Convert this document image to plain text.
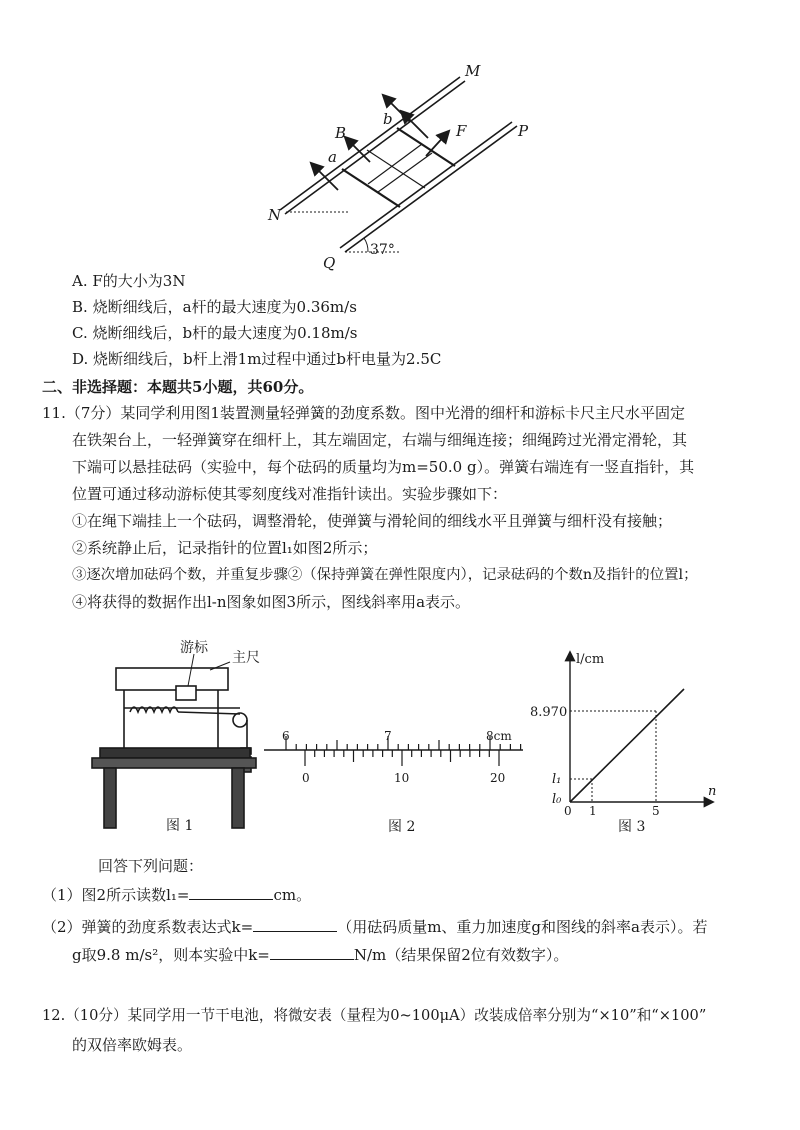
M
P
N
Q
B
b
a
F
37°
A. F的大小为3N
B. 烧断细线后，a杆的最大速度为0.36m/s
C. 烧断细线后，b杆的最大速度为0.18m/s
D. 烧断细线后，b杆上滑1m过程中通过b杆电量为2.5C
二、非选择题：本题共5小题，共60分。
11.（7分）某同学利用图1装置测量轻弹簧的劲度系数。图中光滑的细杆和游标卡尺主尺水平固定
在铁架台上，一轻弹簧穿在细杆上，其左端固定，右端与细绳连接；细绳跨过光滑定滑轮，其
下端可以悬挂砝码（实验中，每个砝码的质量均为m=50.0 g）。弹簧右端连有一竖直指针，其
位置可通过移动游标使其零刻度线对准指针读出。实验步骤如下：
①在绳下端挂上一个砝码，调整滑轮，使弹簧与滑轮间的细线水平且弹簧与细杆没有接触；
②系统静止后，记录指针的位置l₁如图2所示；
③逐次增加砝码个数，并重复步骤②（保持弹簧在弹性限度内），记录砝码的个数n及指针的位置l；
④将获得的数据作出l-n图象如图3所示，图线斜率用a表示。
游标
主尺
图 1
6	7	8cm
0	10	20
图 2
l/cm
n
8.970
l₁
l₀
0 1	5
图 3
回答下列问题：
（1）图2所示读数l₁=	cm。
（2）弹簧的劲度系数表达式k=	（用砝码质量m、重力加速度g和图线的斜率a表示）。若
g取9.8 m/s²，则本实验中k=	N/m（结果保留2位有效数字）。
12.（10分）某同学用一节干电池，将微安表（量程为0~100μA）改装成倍率分别为“×10”和“×100”
的双倍率欧姆表。
